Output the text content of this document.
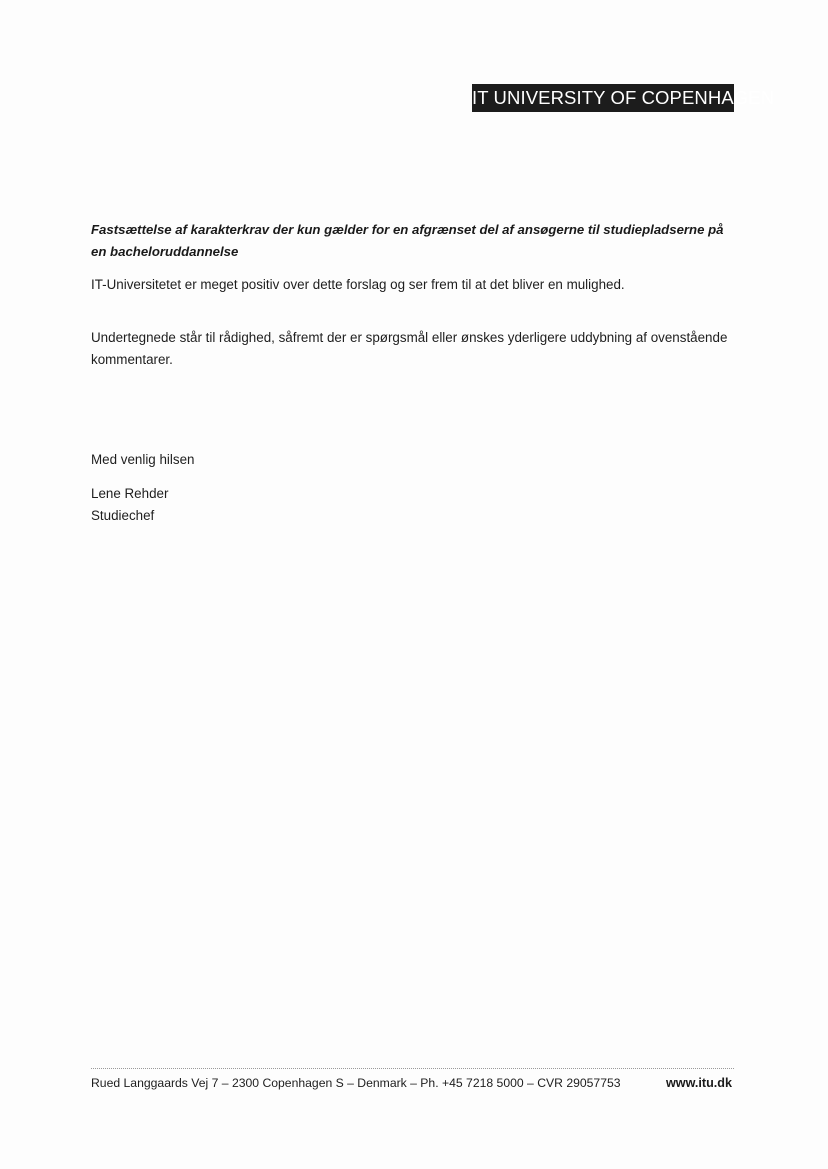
IT UNIVERSITY OF COPENHAGEN
Fastsættelse af karakterkrav der kun gælder for en afgrænset del af ansøgerne til studiepladserne på en bacheloruddannelse
IT-Universitetet er meget positiv over dette forslag og ser frem til at det bliver en mulighed.
Undertegnede står til rådighed, såfremt der er spørgsmål eller ønskes yderligere uddybning af ovenstående kommentarer.
Med venlig hilsen
Lene Rehder
Studiechef
Rued Langgaards Vej 7 – 2300 Copenhagen S – Denmark – Ph. +45 7218 5000 – CVR 29057753	www.itu.dk
